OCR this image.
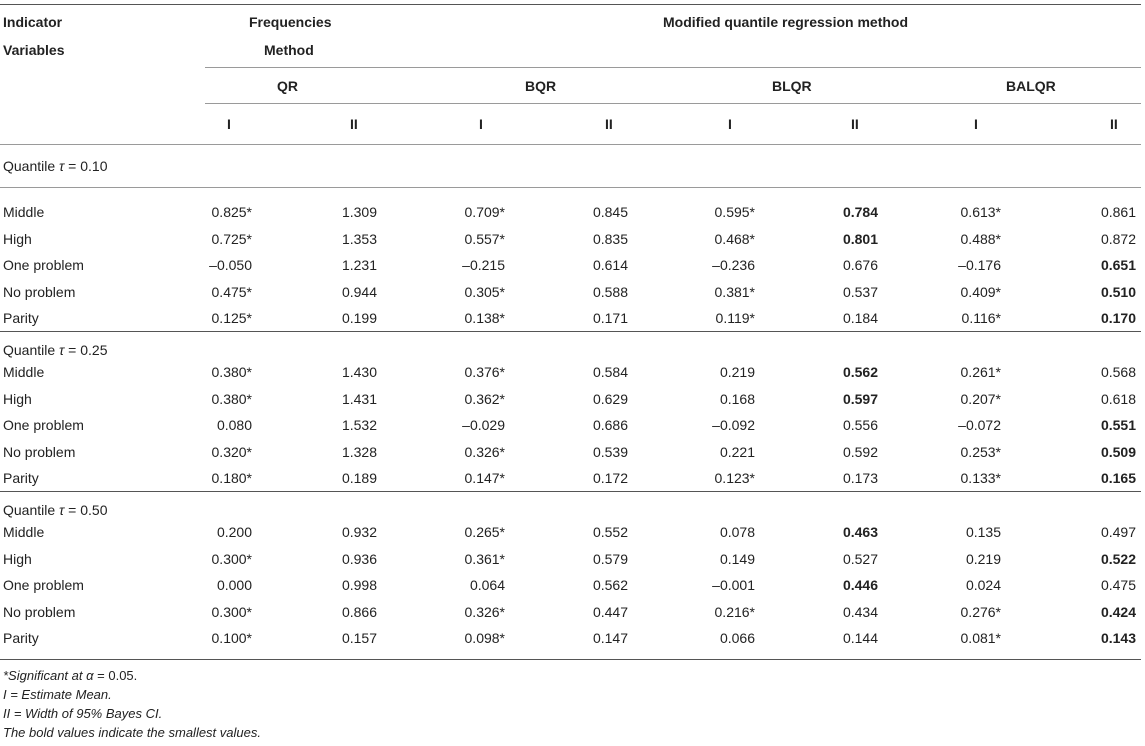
Indicator
Variables
Frequencies
Method
Modified quantile regression method
QR	BQR	BLQR	BALQR
I	II	I	II	I	II	I	II
Quantile τ = 0.10
Middle	0.825*	1.309	0.709*	0.845	0.595*	0.784	0.613*	0.861
High	0.725*	1.353	0.557*	0.835	0.468*	0.801	0.488*	0.872
One problem	–0.050	1.231	–0.215	0.614	–0.236	0.676	–0.176	0.651
No problem	0.475*	0.944	0.305*	0.588	0.381*	0.537	0.409*	0.510
Parity	0.125*	0.199	0.138*	0.171	0.119*	0.184	0.116*	0.170
Quantile τ = 0.25
Middle	0.380*	1.430	0.376*	0.584	0.219	0.562	0.261*	0.568
High	0.380*	1.431	0.362*	0.629	0.168	0.597	0.207*	0.618
One problem	0.080	1.532	–0.029	0.686	–0.092	0.556	–0.072	0.551
No problem	0.320*	1.328	0.326*	0.539	0.221	0.592	0.253*	0.509
Parity	0.180*	0.189	0.147*	0.172	0.123*	0.173	0.133*	0.165
Quantile τ = 0.50
Middle	0.200	0.932	0.265*	0.552	0.078	0.463	0.135	0.497
High	0.300*	0.936	0.361*	0.579	0.149	0.527	0.219	0.522
One problem	0.000	0.998	0.064	0.562	–0.001	0.446	0.024	0.475
No problem	0.300*	0.866	0.326*	0.447	0.216*	0.434	0.276*	0.424
Parity	0.100*	0.157	0.098*	0.147	0.066	0.144	0.081*	0.143
*Significant at α = 0.05.
I = Estimate Mean.
II = Width of 95% Bayes CI.
The bold values indicate the smallest values.
